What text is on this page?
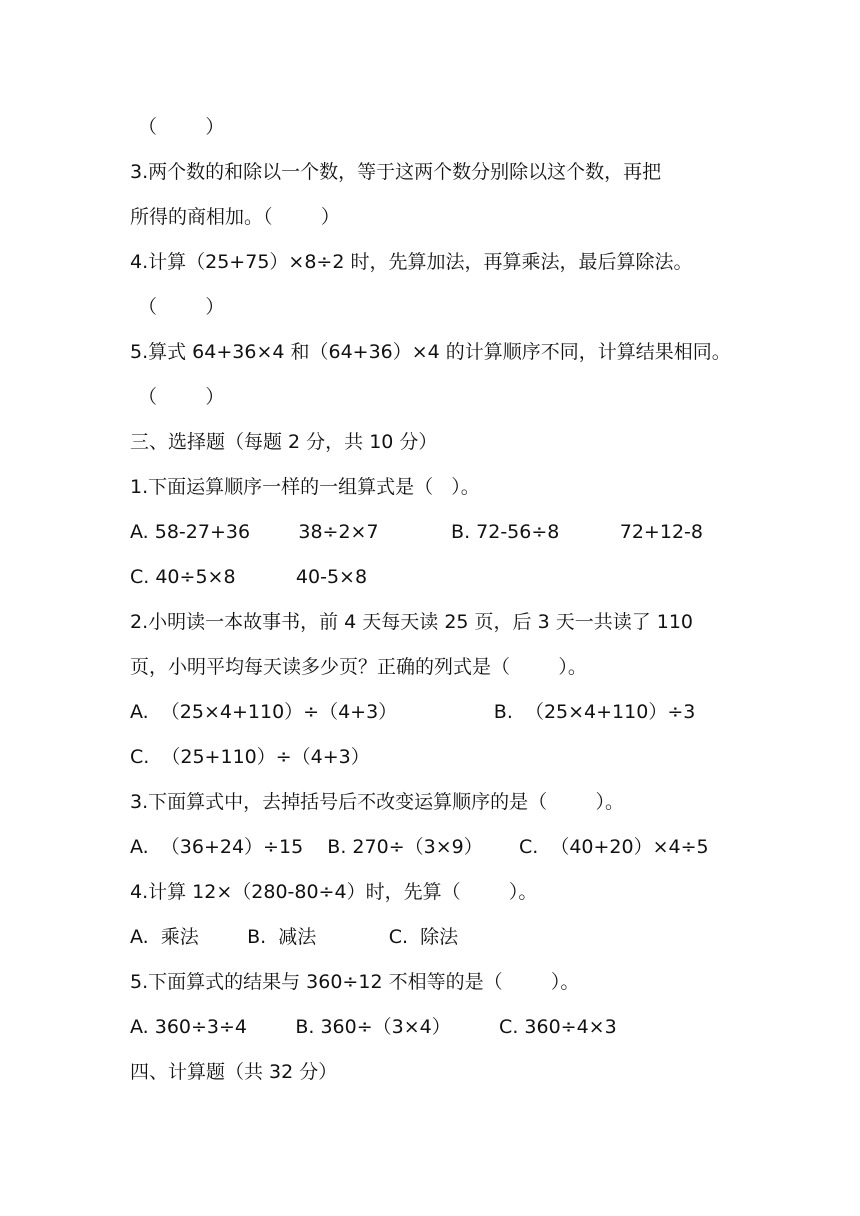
（        ）
3.两个数的和除以一个数，等于这两个数分别除以这个数，再把
所得的商相加。（        ）
4.计算（25+75）×8÷2 时，先算加法，再算乘法，最后算除法。
（        ）
5.算式 64+36×4 和（64+36）×4 的计算顺序不同，计算结果相同。
（        ）
三、选择题（每题 2 分，共 10 分）
1.下面运算顺序一样的一组算式是（   ）。
A. 58-27+36        38÷2×7            B. 72-56÷8          72+12-8
C. 40÷5×8          40-5×8
2.小明读一本故事书，前 4 天每天读 25 页，后 3 天一共读了 110
页，小明平均每天读多少页？正确的列式是（        ）。
A.  （25×4+110）÷（4+3）                B.  （25×4+110）÷3
C.  （25+110）÷（4+3）
3.下面算式中，去掉括号后不改变运算顺序的是（        ）。
A.  （36+24）÷15    B. 270÷（3×9）      C.  （40+20）×4÷5
4.计算 12×（280-80÷4）时，先算（        ）。
A.  乘法        B.  减法            C.  除法
5.下面算式的结果与 360÷12 不相等的是（        ）。
A. 360÷3÷4        B. 360÷（3×4）        C. 360÷4×3
四、计算题（共 32 分）
